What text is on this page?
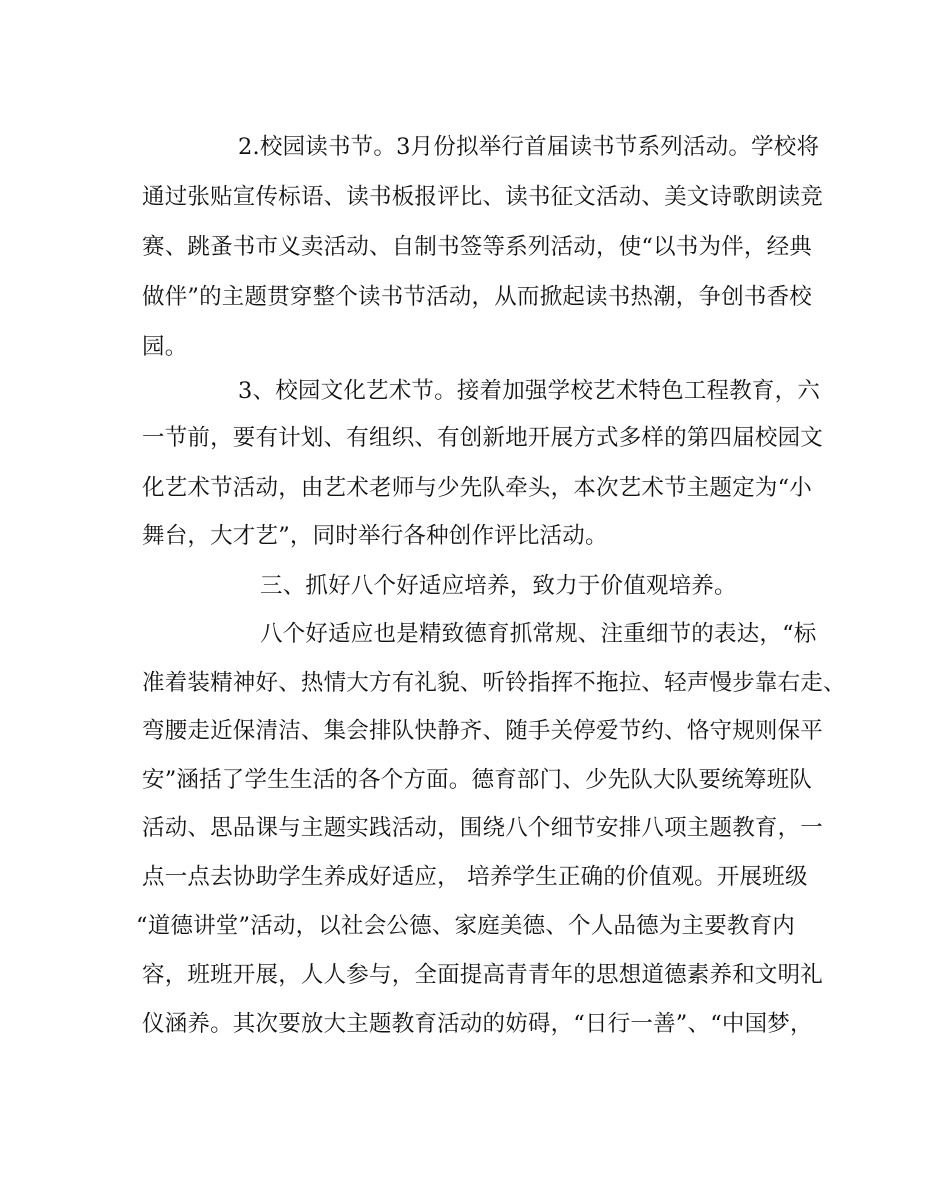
2.校园读书节。3月份拟举行首届读书节系列活动。学校将
通过张贴宣传标语、读书板报评比、读书征文活动、美文诗歌朗读竞
赛、跳蚤书市义卖活动、自制书签等系列活动，使“以书为伴，经典
做伴”的主题贯穿整个读书节活动，从而掀起读书热潮，争创书香校
园。
3、校园文化艺术节。接着加强学校艺术特色工程教育，六
一节前，要有计划、有组织、有创新地开展方式多样的第四届校园文
化艺术节活动，由艺术老师与少先队牵头，本次艺术节主题定为“小
舞台，大才艺”，同时举行各种创作评比活动。
三、抓好八个好适应培养，致力于价值观培养。
八个好适应也是精致德育抓常规、注重细节的表达，“标
准着装精神好、热情大方有礼貌、听铃指挥不拖拉、轻声慢步靠右走、
弯腰走近保清洁、集会排队快静齐、随手关停爱节约、恪守规则保平
安”涵括了学生生活的各个方面。德育部门、少先队大队要统筹班队
活动、思品课与主题实践活动，围绕八个细节安排八项主题教育，一
点一点去协助学生养成好适应， 培养学生正确的价值观。开展班级
“道德讲堂”活动，以社会公德、家庭美德、个人品德为主要教育内
容，班班开展，人人参与，全面提高青青年的思想道德素养和文明礼
仪涵养。其次要放大主题教育活动的妨碍，“日行一善”、“中国梦，
